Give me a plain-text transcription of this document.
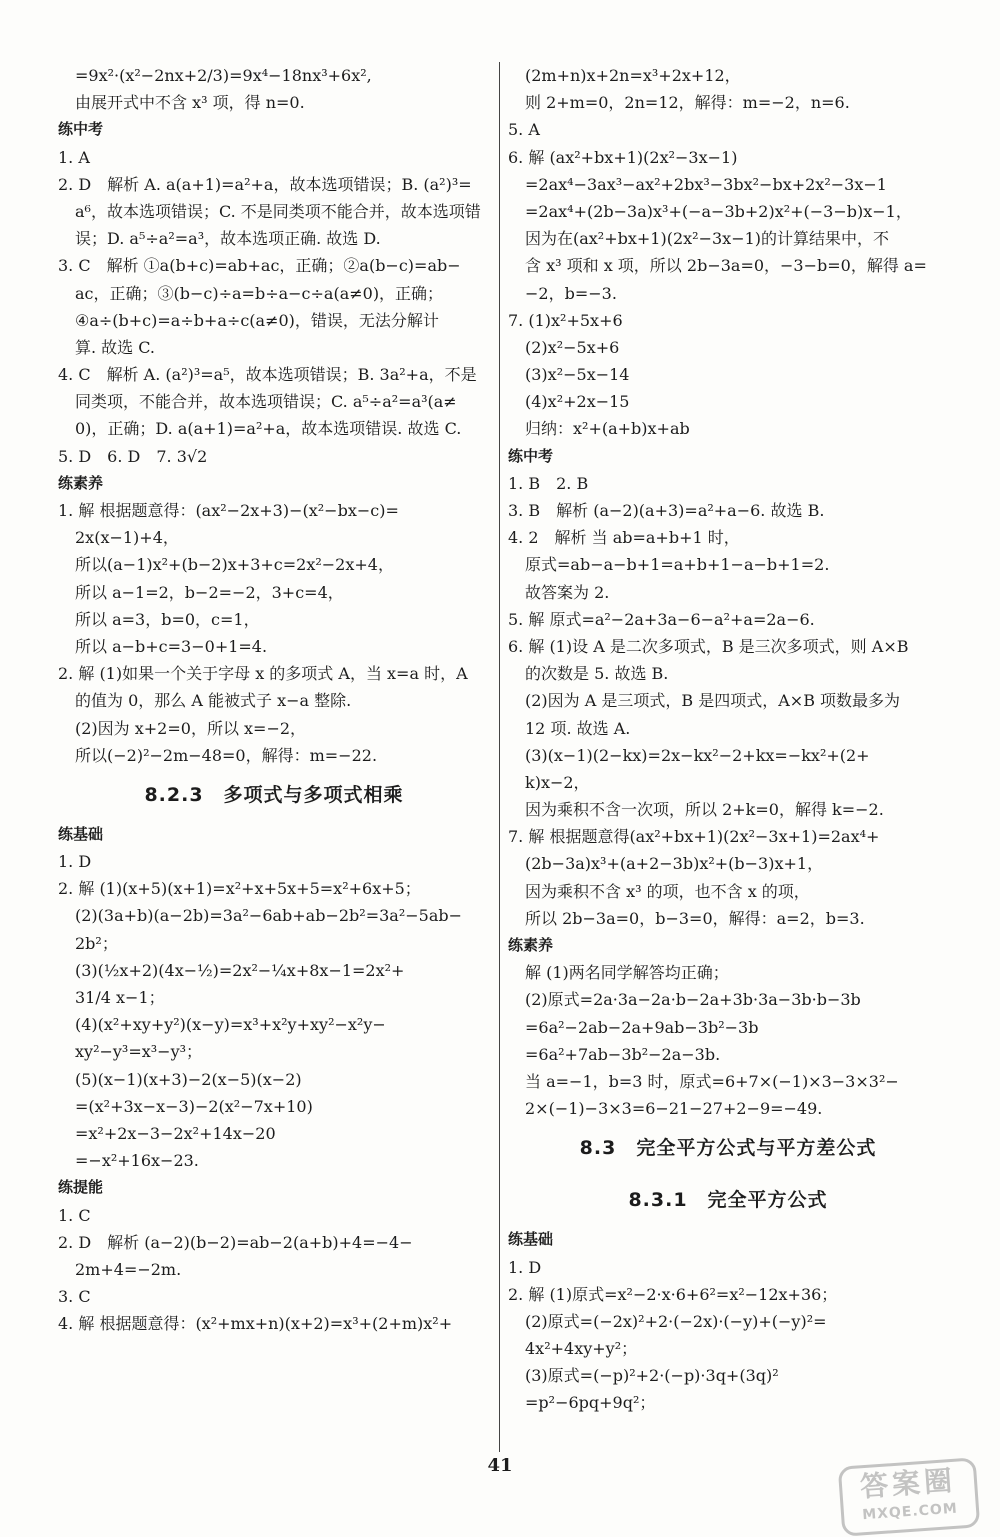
=9x²·(x²−2nx+2/3)=9x⁴−18nx³+6x²,
由展开式中不含 x³ 项，得 n=0.
练中考
1. A
2. D　解析 A. a(a+1)=a²+a，故本选项错误；B. (a²)³=
a⁶，故本选项错误；C. 不是同类项不能合并，故本选项错
误；D. a⁵÷a²=a³，故本选项正确. 故选 D.
3. C　解析 ①a(b+c)=ab+ac，正确；②a(b−c)=ab−
ac，正确；③(b−c)÷a=b÷a−c÷a(a≠0)，正确；
④a÷(b+c)=a÷b+a÷c(a≠0)，错误，无法分解计
算. 故选 C.
4. C　解析 A. (a²)³=a⁵，故本选项错误；B. 3a²+a，不是
同类项，不能合并，故本选项错误；C. a⁵÷a²=a³(a≠
0)，正确；D. a(a+1)=a²+a，故本选项错误. 故选 C.
5. D　6. D　7. 3√2
练素养
1. 解 根据题意得：(ax²−2x+3)−(x²−bx−c)=
2x(x−1)+4，
所以(a−1)x²+(b−2)x+3+c=2x²−2x+4，
所以 a−1=2，b−2=−2，3+c=4，
所以 a=3，b=0，c=1，
所以 a−b+c=3−0+1=4.
2. 解 (1)如果一个关于字母 x 的多项式 A，当 x=a 时，A
的值为 0，那么 A 能被式子 x−a 整除.
(2)因为 x+2=0，所以 x=−2，
所以(−2)²−2m−48=0，解得：m=−22.
8.2.3　多项式与多项式相乘
练基础
1. D
2. 解 (1)(x+5)(x+1)=x²+x+5x+5=x²+6x+5；
(2)(3a+b)(a−2b)=3a²−6ab+ab−2b²=3a²−5ab−
2b²；
(3)(½x+2)(4x−½)=2x²−¼x+8x−1=2x²+
31/4 x−1；
(4)(x²+xy+y²)(x−y)=x³+x²y+xy²−x²y−
xy²−y³=x³−y³；
(5)(x−1)(x+3)−2(x−5)(x−2)
=(x²+3x−x−3)−2(x²−7x+10)
=x²+2x−3−2x²+14x−20
=−x²+16x−23.
练提能
1. C
2. D　解析 (a−2)(b−2)=ab−2(a+b)+4=−4−
2m+4=−2m.
3. C
4. 解 根据题意得：(x²+mx+n)(x+2)=x³+(2+m)x²+
(2m+n)x+2n=x³+2x+12，
则 2+m=0，2n=12，解得：m=−2，n=6.
5. A
6. 解 (ax²+bx+1)(2x²−3x−1)
=2ax⁴−3ax³−ax²+2bx³−3bx²−bx+2x²−3x−1
=2ax⁴+(2b−3a)x³+(−a−3b+2)x²+(−3−b)x−1，
因为在(ax²+bx+1)(2x²−3x−1)的计算结果中，不
含 x³ 项和 x 项，所以 2b−3a=0，−3−b=0，解得 a=
−2，b=−3.
7. (1)x²+5x+6
(2)x²−5x+6
(3)x²−5x−14
(4)x²+2x−15
归纳：x²+(a+b)x+ab
练中考
1. B　2. B
3. B　解析 (a−2)(a+3)=a²+a−6. 故选 B.
4. 2　解析 当 ab=a+b+1 时，
原式=ab−a−b+1=a+b+1−a−b+1=2.
故答案为 2.
5. 解 原式=a²−2a+3a−6−a²+a=2a−6.
6. 解 (1)设 A 是二次多项式，B 是三次多项式，则 A×B
的次数是 5. 故选 B.
(2)因为 A 是三项式，B 是四项式，A×B 项数最多为
12 项. 故选 A.
(3)(x−1)(2−kx)=2x−kx²−2+kx=−kx²+(2+
k)x−2，
因为乘积不含一次项，所以 2+k=0，解得 k=−2.
7. 解 根据题意得(ax²+bx+1)(2x²−3x+1)=2ax⁴+
(2b−3a)x³+(a+2−3b)x²+(b−3)x+1，
因为乘积不含 x³ 的项，也不含 x 的项，
所以 2b−3a=0，b−3=0，解得：a=2，b=3.
练素养
解 (1)两名同学解答均正确；
(2)原式=2a·3a−2a·b−2a+3b·3a−3b·b−3b
=6a²−2ab−2a+9ab−3b²−3b
=6a²+7ab−3b²−2a−3b.
当 a=−1，b=3 时，原式=6+7×(−1)×3−3×3²−
2×(−1)−3×3=6−21−27+2−9=−49.
8.3　完全平方公式与平方差公式
8.3.1　完全平方公式
练基础
1. D
2. 解 (1)原式=x²−2·x·6+6²=x²−12x+36；
(2)原式=(−2x)²+2·(−2x)·(−y)+(−y)²=
4x²+4xy+y²；
(3)原式=(−p)²+2·(−p)·3q+(3q)²
=p²−6pq+9q²；
41	答案圈
MXQE.COM
